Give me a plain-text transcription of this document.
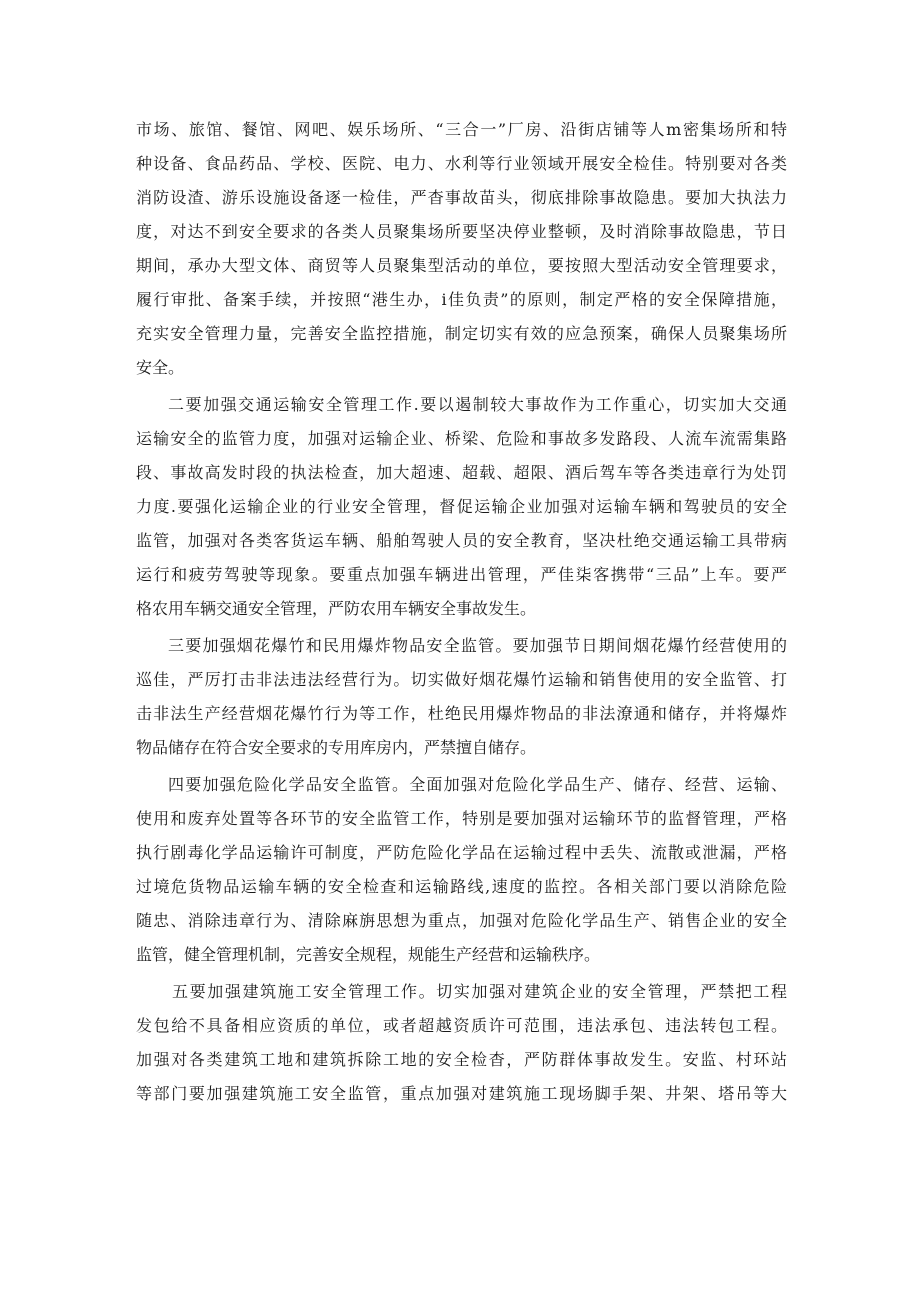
市场、旅馆、餐馆、网吧、娱乐场所、“三合一”厂房、沿街店铺等人m密集场所和特
种设备、食品药品、学校、医院、电力、水利等行业领域开展安全检佳。特别要对各类
消防设渣、游乐设施设备逐一检佳，严杳事故苗头，彻底排除事故隐患。要加大执法力
度，对达不到安全要求的各类人员聚集场所要坚决停业整顿，及时消除事故隐患，节日
期间，承办大型文体、商贸等人员聚集型活动的单位，要按照大型活动安全管理要求，
履行审批、备案手续，并按照“港生办，i佳负责”的原则，制定严格的安全保障措施，
充实安全管理力量，完善安全监控措施，制定切实有效的应急预案，确保人员聚集场所
安全。
二要加强交通运输安全管理工作.要以遏制较大事故作为工作重心，切实加大交通
运输安全的监管力度，加强对运输企业、桥梁、危险和事故多发路段、人流车流需集路
段、事故高发时段的执法检查，加大超速、超载、超限、酒后驾车等各类违章行为处罚
力度.要强化运输企业的行业安全管理，督促运输企业加强对运输车辆和驾驶员的安全
监管，加强对各类客货运车辆、船舶驾驶人员的安全教育，坚决杜绝交通运输工具带病
运行和疲劳驾驶等现象。要重点加强车辆进出管理，严佳柒客携带“三品”上车。要严
格农用车辆交通安全管理，严防农用车辆安全事故发生。
三要加强烟花爆竹和民用爆炸物品安全监管。要加强节日期间烟花爆竹经营使用的
巡佳，严厉打击非法违法经营行为。切实做好烟花爆竹运输和销售使用的安全监管、打
击非法生产经营烟花爆竹行为等工作，杜绝民用爆炸物品的非法潦通和储存，并将爆炸
物品储存在符合安全要求的专用库房内，严禁擅自储存。
四要加强危险化学品安全监管。全面加强对危险化学品生产、储存、经营、运输、
使用和废弃处置等各环节的安全监管工作，特别是要加强对运输环节的监督管理，严格
执行剧毒化学品运输许可制度，严防危险化学品在运输过程中丢失、流散或泄漏，严格
过境危货物品运输车辆的安全检查和运输路线,速度的监控。各相关部门要以消除危险
随忠、消除违章行为、清除麻旃思想为重点，加强对危险化学品生产、销售企业的安全
监管，健全管理机制，完善安全规程，规能生产经营和运输秩序。
五要加强建筑施工安全管理工作。切实加强对建筑企业的安全管理，严禁把工程
发包给不具备相应资质的单位，或者超越资质许可范围，违法承包、违法转包工程。
加强对各类建筑工地和建筑拆除工地的安全检杳，严防群体事故发生。安监、村环站
等部门要加强建筑施工安全监管，重点加强对建筑施工现场脚手架、井架、塔吊等大
